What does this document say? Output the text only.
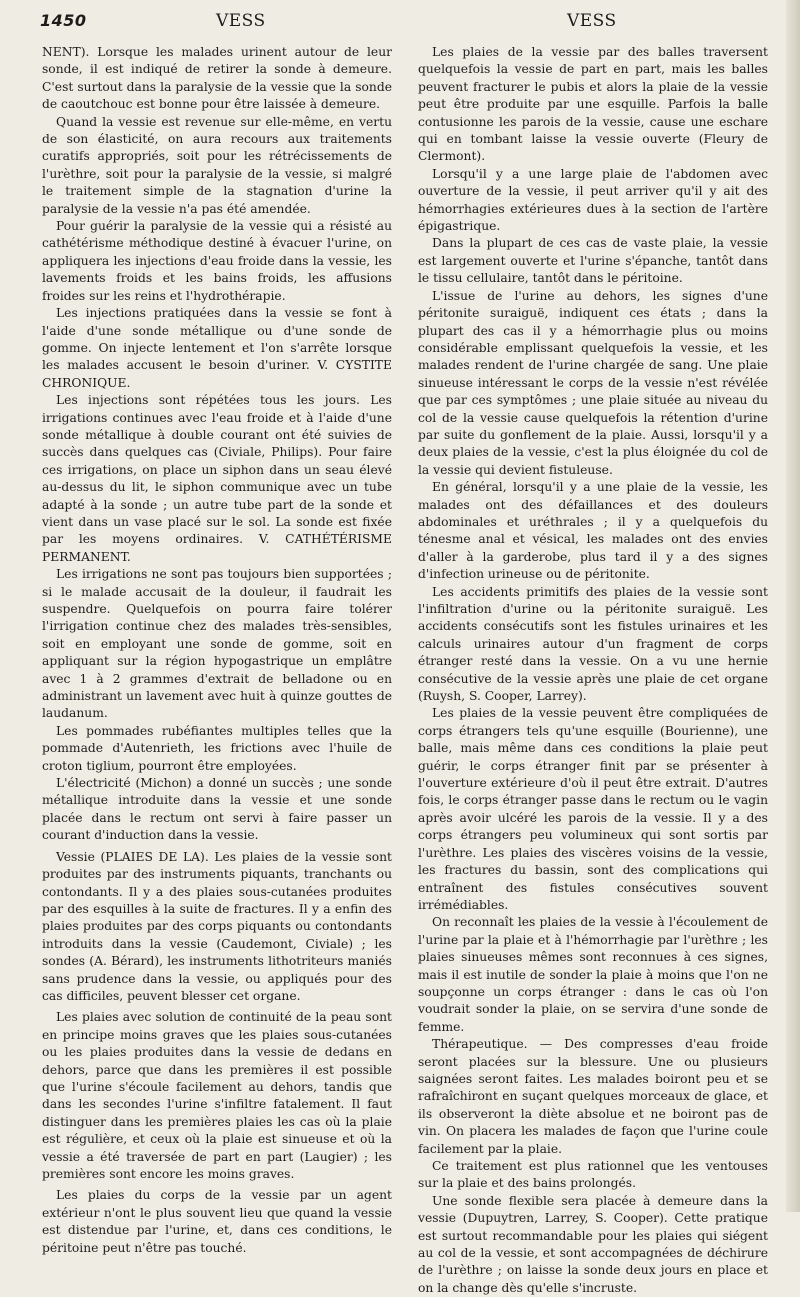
1450	VESS	VESS

NENT). Lorsque les malades urinent autour de leur sonde, il est indiqué de retirer la sonde à demeure. C'est surtout dans la paralysie de la vessie que la sonde de caoutchouc est bonne pour être laissée à demeure.

Quand la vessie est revenue sur elle-même, en vertu de son élasticité, on aura recours aux traitements curatifs appropriés, soit pour les rétrécissements de l'urèthre, soit pour la paralysie de la vessie, si malgré le traitement simple de la stagnation d'urine la paralysie de la vessie n'a pas été amendée.

Pour guérir la paralysie de la vessie qui a résisté au cathétérisme méthodique destiné à évacuer l'urine, on appliquera les injections d'eau froide dans la vessie, les lavements froids et les bains froids, les affusions froides sur les reins et l'hydrothérapie.

Les injections pratiquées dans la vessie se font à l'aide d'une sonde métallique ou d'une sonde de gomme. On injecte lentement et l'on s'arrête lorsque les malades accusent le besoin d'uriner. V. CYSTITE CHRONIQUE.

Les injections sont répétées tous les jours. Les irrigations continues avec l'eau froide et à l'aide d'une sonde métallique à double courant ont été suivies de succès dans quelques cas (Civiale, Philips). Pour faire ces irrigations, on place un siphon dans un seau élevé au-dessus du lit, le siphon communique avec un tube adapté à la sonde ; un autre tube part de la sonde et vient dans un vase placé sur le sol. La sonde est fixée par les moyens ordinaires. V. CATHÉTÉRISME PERMANENT.

Les irrigations ne sont pas toujours bien supportées ; si le malade accusait de la douleur, il faudrait les suspendre. Quelquefois on pourra faire tolérer l'irrigation continue chez des malades très-sensibles, soit en employant une sonde de gomme, soit en appliquant sur la région hypogastrique un emplâtre avec 1 à 2 grammes d'extrait de belladone ou en administrant un lavement avec huit à quinze gouttes de laudanum.

Les pommades rubéfiantes multiples telles que la pommade d'Autenrieth, les frictions avec l'huile de croton tiglium, pourront être employées.

L'électricité (Michon) a donné un succès ; une sonde métallique introduite dans la vessie et une sonde placée dans le rectum ont servi à faire passer un courant d'induction dans la vessie.

Vessie (PLAIES DE LA). Les plaies de la vessie sont produites par des instruments piquants, tranchants ou contondants. Il y a des plaies sous-cutanées produites par des esquilles à la suite de fractures. Il y a enfin des plaies produites par des corps piquants ou contondants introduits dans la vessie (Caudemont, Civiale) ; les sondes (A. Bérard), les instruments lithotriteurs maniés sans prudence dans la vessie, ou appliqués pour des cas difficiles, peuvent blesser cet organe.

Les plaies avec solution de continuité de la peau sont en principe moins graves que les plaies sous-cutanées ou les plaies produites dans la vessie de dedans en dehors, parce que dans les premières il est possible que l'urine s'écoule facilement au dehors, tandis que dans les secondes l'urine s'infiltre fatalement. Il faut distinguer dans les premières plaies les cas où la plaie est régulière, et ceux où la plaie est sinueuse et où la vessie a été traversée de part en part (Laugier) ; les premières sont encore les moins graves.

Les plaies du corps de la vessie par un agent extérieur n'ont le plus souvent lieu que quand la vessie est distendue par l'urine, et, dans ces conditions, le péritoine peut n'être pas touché.

Les plaies de la vessie par des balles traversent quelquefois la vessie de part en part, mais les balles peuvent fracturer le pubis et alors la plaie de la vessie peut être produite par une esquille. Parfois la balle contusionne les parois de la vessie, cause une eschare qui en tombant laisse la vessie ouverte (Fleury de Clermont).

Lorsqu'il y a une large plaie de l'abdomen avec ouverture de la vessie, il peut arriver qu'il y ait des hémorrhagies extérieures dues à la section de l'artère épigastrique.

Dans la plupart de ces cas de vaste plaie, la vessie est largement ouverte et l'urine s'épanche, tantôt dans le tissu cellulaire, tantôt dans le péritoine.

L'issue de l'urine au dehors, les signes d'une péritonite suraiguë, indiquent ces états ; dans la plupart des cas il y a hémorrhagie plus ou moins considérable emplissant quelquefois la vessie, et les malades rendent de l'urine chargée de sang. Une plaie sinueuse intéressant le corps de la vessie n'est révélée que par ces symptômes ; une plaie située au niveau du col de la vessie cause quelquefois la rétention d'urine par suite du gonflement de la plaie. Aussi, lorsqu'il y a deux plaies de la vessie, c'est la plus éloignée du col de la vessie qui devient fistuleuse.

En général, lorsqu'il y a une plaie de la vessie, les malades ont des défaillances et des douleurs abdominales et uréthrales ; il y a quelquefois du ténesme anal et vésical, les malades ont des envies d'aller à la garderobe, plus tard il y a des signes d'infection urineuse ou de péritonite.

Les accidents primitifs des plaies de la vessie sont l'infiltration d'urine ou la péritonite suraiguë. Les accidents consécutifs sont les fistules urinaires et les calculs urinaires autour d'un fragment de corps étranger resté dans la vessie. On a vu une hernie consécutive de la vessie après une plaie de cet organe (Ruysh, S. Cooper, Larrey).

Les plaies de la vessie peuvent être compliquées de corps étrangers tels qu'une esquille (Bourienne), une balle, mais même dans ces conditions la plaie peut guérir, le corps étranger finit par se présenter à l'ouverture extérieure d'où il peut être extrait. D'autres fois, le corps étranger passe dans le rectum ou le vagin après avoir ulcéré les parois de la vessie. Il y a des corps étrangers peu volumineux qui sont sortis par l'urèthre. Les plaies des viscères voisins de la vessie, les fractures du bassin, sont des complications qui entraînent des fistules consécutives souvent irrémédiables.

On reconnaît les plaies de la vessie à l'écoulement de l'urine par la plaie et à l'hémorrhagie par l'urèthre ; les plaies sinueuses mêmes sont reconnues à ces signes, mais il est inutile de sonder la plaie à moins que l'on ne soupçonne un corps étranger : dans le cas où l'on voudrait sonder la plaie, on se servira d'une sonde de femme.

Thérapeutique. — Des compresses d'eau froide seront placées sur la blessure. Une ou plusieurs saignées seront faites. Les malades boiront peu et se rafraîchiront en suçant quelques morceaux de glace, et ils observeront la diète absolue et ne boiront pas de vin. On placera les malades de façon que l'urine coule facilement par la plaie.

Ce traitement est plus rationnel que les ventouses sur la plaie et des bains prolongés.

Une sonde flexible sera placée à demeure dans la vessie (Dupuytren, Larrey, S. Cooper). Cette pratique est surtout recommandable pour les plaies qui siégent au col de la vessie, et sont accompagnées de déchirure de l'urèthre ; on laisse la sonde deux jours en place et on la change dès qu'elle s'incruste.
